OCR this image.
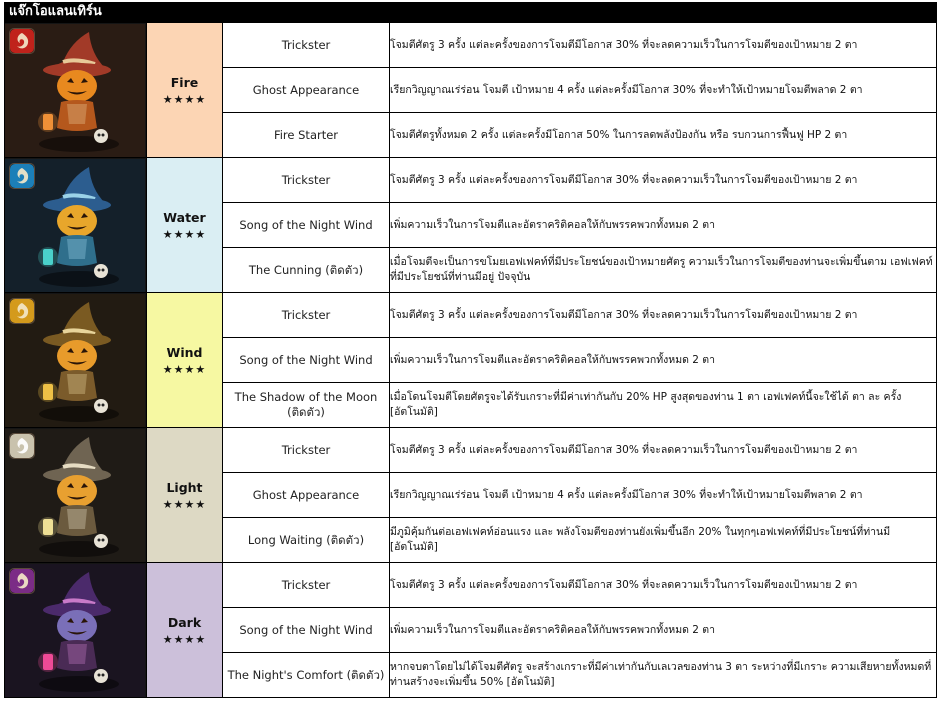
แจ๊กโอแลนเทิร์น

Fire
★★★★	Trickster	โจมตีศัตรู 3 ครั้ง แต่ละครั้งของการโจมตีมีโอกาส 30% ที่จะลดความเร็วในการโจมตีของเป้าหมาย 2 ตา
		Ghost Appearance	เรียกวิญญาณเร่ร่อน โจมตี เป้าหมาย 4 ครั้ง แต่ละครั้งมีโอกาส 30% ที่จะทำให้เป้าหมายโจมตีพลาด 2 ตา
		Fire Starter	โจมตีศัตรูทั้งหมด 2 ครั้ง แต่ละครั้งมีโอกาส 50% ในการลดพลังป้องกัน หรือ รบกวนการฟื้นฟู HP 2 ตา

Water
★★★★	Trickster	โจมตีศัตรู 3 ครั้ง แต่ละครั้งของการโจมตีมีโอกาส 30% ที่จะลดความเร็วในการโจมตีของเป้าหมาย 2 ตา
		Song of the Night Wind	เพิ่มความเร็วในการโจมตีและอัตราคริติคอลให้กับพรรคพวกทั้งหมด 2 ตา
		The Cunning (ติดตัว)	เมื่อโจมตีจะเป็นการขโมยเอฟเฟคท์ที่มีประโยชน์ของเป้าหมายศัตรู ความเร็วในการโจมตีของท่านจะเพิ่มขึ้นตาม เอฟเฟคท์ที่มีประโยชน์ที่ท่านมีอยู่ ปัจจุบัน

Wind
★★★★	Trickster	โจมตีศัตรู 3 ครั้ง แต่ละครั้งของการโจมตีมีโอกาส 30% ที่จะลดความเร็วในการโจมตีของเป้าหมาย 2 ตา
		Song of the Night Wind	เพิ่มความเร็วในการโจมตีและอัตราคริติคอลให้กับพรรคพวกทั้งหมด 2 ตา
		The Shadow of the Moon (ติดตัว)	เมื่อโดนโจมตีโดยศัตรูจะได้รับเกราะที่มีค่าเท่ากันกับ 20% HP สูงสุดของท่าน 1 ตา เอฟเฟคท์นี้จะใช้ได้ ตา ละ ครั้ง [อัตโนมัติ]

Light
★★★★	Trickster	โจมตีศัตรู 3 ครั้ง แต่ละครั้งของการโจมตีมีโอกาส 30% ที่จะลดความเร็วในการโจมตีของเป้าหมาย 2 ตา
		Ghost Appearance	เรียกวิญญาณเร่ร่อน โจมตี เป้าหมาย 4 ครั้ง แต่ละครั้งมีโอกาส 30% ที่จะทำให้เป้าหมายโจมตีพลาด 2 ตา
		Long Waiting (ติดตัว)	มีภูมิคุ้มกันต่อเอฟเฟคท์อ่อนแรง และ พลังโจมตีของท่านยังเพิ่มขึ้นอีก 20% ในทุกๆเอฟเฟคท์ที่มีประโยชน์ที่ท่านมี [อัตโนมัติ]

Dark
★★★★	Trickster	โจมตีศัตรู 3 ครั้ง แต่ละครั้งของการโจมตีมีโอกาส 30% ที่จะลดความเร็วในการโจมตีของเป้าหมาย 2 ตา
		Song of the Night Wind	เพิ่มความเร็วในการโจมตีและอัตราคริติคอลให้กับพรรคพวกทั้งหมด 2 ตา
		The Night's Comfort (ติดตัว)	หากจบตาโดยไม่ได้โจมตีศัตรู จะสร้างเกราะที่มีค่าเท่ากันกับเลเวลของท่าน 3 ตา ระหว่างที่มีเกราะ ความเสียหายทั้งหมดที่ท่านสร้างจะเพิ่มขึ้น 50% [อัตโนมัติ]
